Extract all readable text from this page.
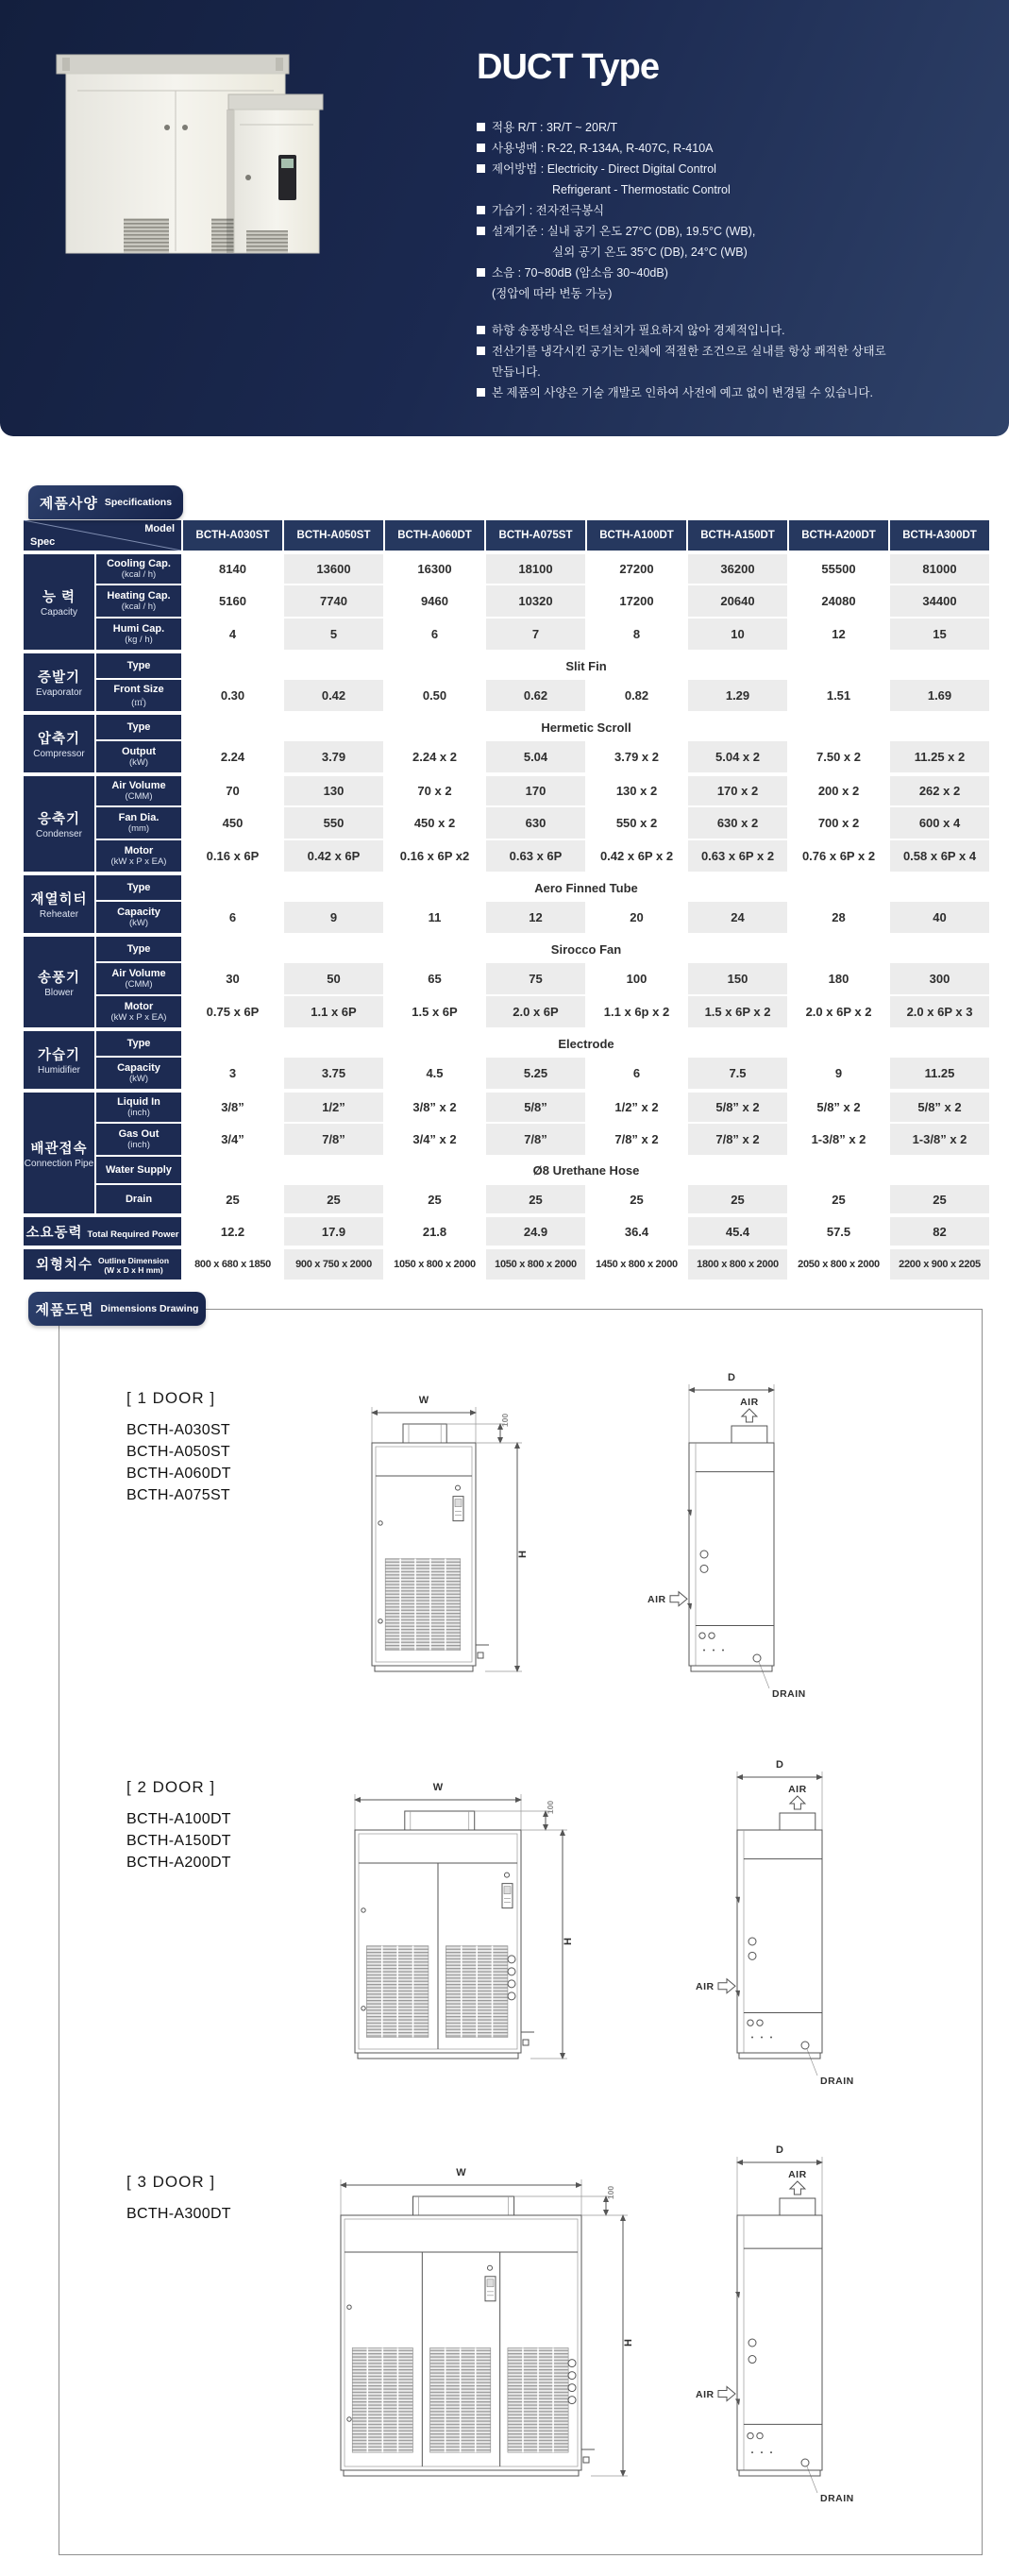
DUCT Type
적용 R/T : 3R/T ~ 20R/T
사용냉매 : R-22, R-134A, R-407C, R-410A
제어방법 : Electricity - Direct Digital Control
Refrigerant - Thermostatic Control
가습기 : 전자전극봉식
설계기준 : 실내 공기 온도 27°C (DB), 19.5°C (WB),
실외 공기 온도 35°C (DB), 24°C (WB)
소음 : 70~80dB (암소음 30~40dB)
(정압에 따라 변동 가능)
하향 송풍방식은 덕트설치가 필요하지 않아 경제적입니다.
전산기를 냉각시킨 공기는 인체에 적절한 조건으로 실내를 항상 쾌적한 상태로
만듭니다.
본 제품의 사양은 기술 개발로 인하여 사전에 예고 없이 변경될 수 있습니다.
제품사양 Specifications
Model
Spec		BCTH-A030ST	BCTH-A050ST	BCTH-A060DT	BCTH-A075ST	BCTH-A100DT	BCTH-A150DT	BCTH-A200DT	BCTH-A300DT

능 력
Capacity

Cooling Cap.
(kcal / h)	8140	13600	16300	18100	27200	36200	55500	81000

	Heating Cap.
(kcal / h)	5160	7740	9460	10320	17200	20640	24080	34400

	Humi Cap.
(kg / h)	4	5	6	7	8	10	12	15

증발기
Evaporator	Type	Slit Fin							

	Front Size
(㎡)	0.30	0.42	0.50	0.62	0.82	1.29	1.51	1.69

압축기
Compressor	Type	Hermetic Scroll							

	Output
(kW)	2.24	3.79	2.24 x 2	5.04	3.79 x 2	5.04 x 2	7.50 x 2	11.25 x 2

응축기
Condenser

Air Volume
(CMM)	70	130	70 x 2	170	130 x 2	170 x 2	200 x 2	262 x 2

	Fan Dia.
(mm)	450	550	450 x 2	630	550 x 2	630 x 2	700 x 2	600 x 4

	Motor
(kW x P x EA)	0.16 x 6P	0.42 x 6P	0.16 x 6P x2	0.63 x 6P	0.42 x 6P x 2	0.63 x 6P x 2	0.76 x 6P x 2	0.58 x 6P x 4

재열히터
Reheater	Type	Aero Finned Tube							

	Capacity
(kW)	6	9	11	12	20	24	28	40

송풍기
Blower	Type	Sirocco Fan							

	Air Volume
(CMM)	30	50	65	75	100	150	180	300

	Motor
(kW x P x EA)	0.75 x 6P	1.1 x 6P	1.5 x 6P	2.0 x 6P	1.1 x 6p x 2	1.5 x 6P x 2	2.0 x 6P x 2	2.0 x 6P x 3

가습기
Humidifier	Type	Electrode							

	Capacity
(kW)	3	3.75	4.5	5.25	6	7.5	9	11.25

배관접속
Connection Pipe

Liquid In
(inch)	3/8”	1/2”	3/8” x 2	5/8”	1/2” x 2	5/8” x 2	5/8” x 2	5/8” x 2

	Gas Out
(inch)	3/4”	7/8”	3/4” x 2	7/8”	7/8” x 2	7/8” x 2	1-3/8” x 2	1-3/8” x 2

	Water Supply	Ø8 Urethane Hose							

	Drain	25	25	25	25	25	25	25	25
소요동력 Total Required Power		12.2	17.9	21.8	24.9	36.4	45.4	57.5	82
외형치수 Outline Dimension
(W x D x H mm)		800 x 680 x 1850	900 x 750 x 2000	1050 x 800 x 2000	1050 x 800 x 2000	1450 x 800 x 2000	1800 x 800 x 2000	2050 x 800 x 2000	2200 x 900 x 2205
제품도면 Dimensions Drawing
[ 1 DOOR ]
BCTH-A030ST
BCTH-A050ST
BCTH-A060DT
BCTH-A075ST
W
100
H
D
AIR
DRAIN
AIR
[ 2 DOOR ]
BCTH-A100DT
BCTH-A150DT
BCTH-A200DT
W
100
H
D
AIR
DRAIN
AIR
[ 3 DOOR ]
BCTH-A300DT
W
100
H
D
AIR
DRAIN
AIR
